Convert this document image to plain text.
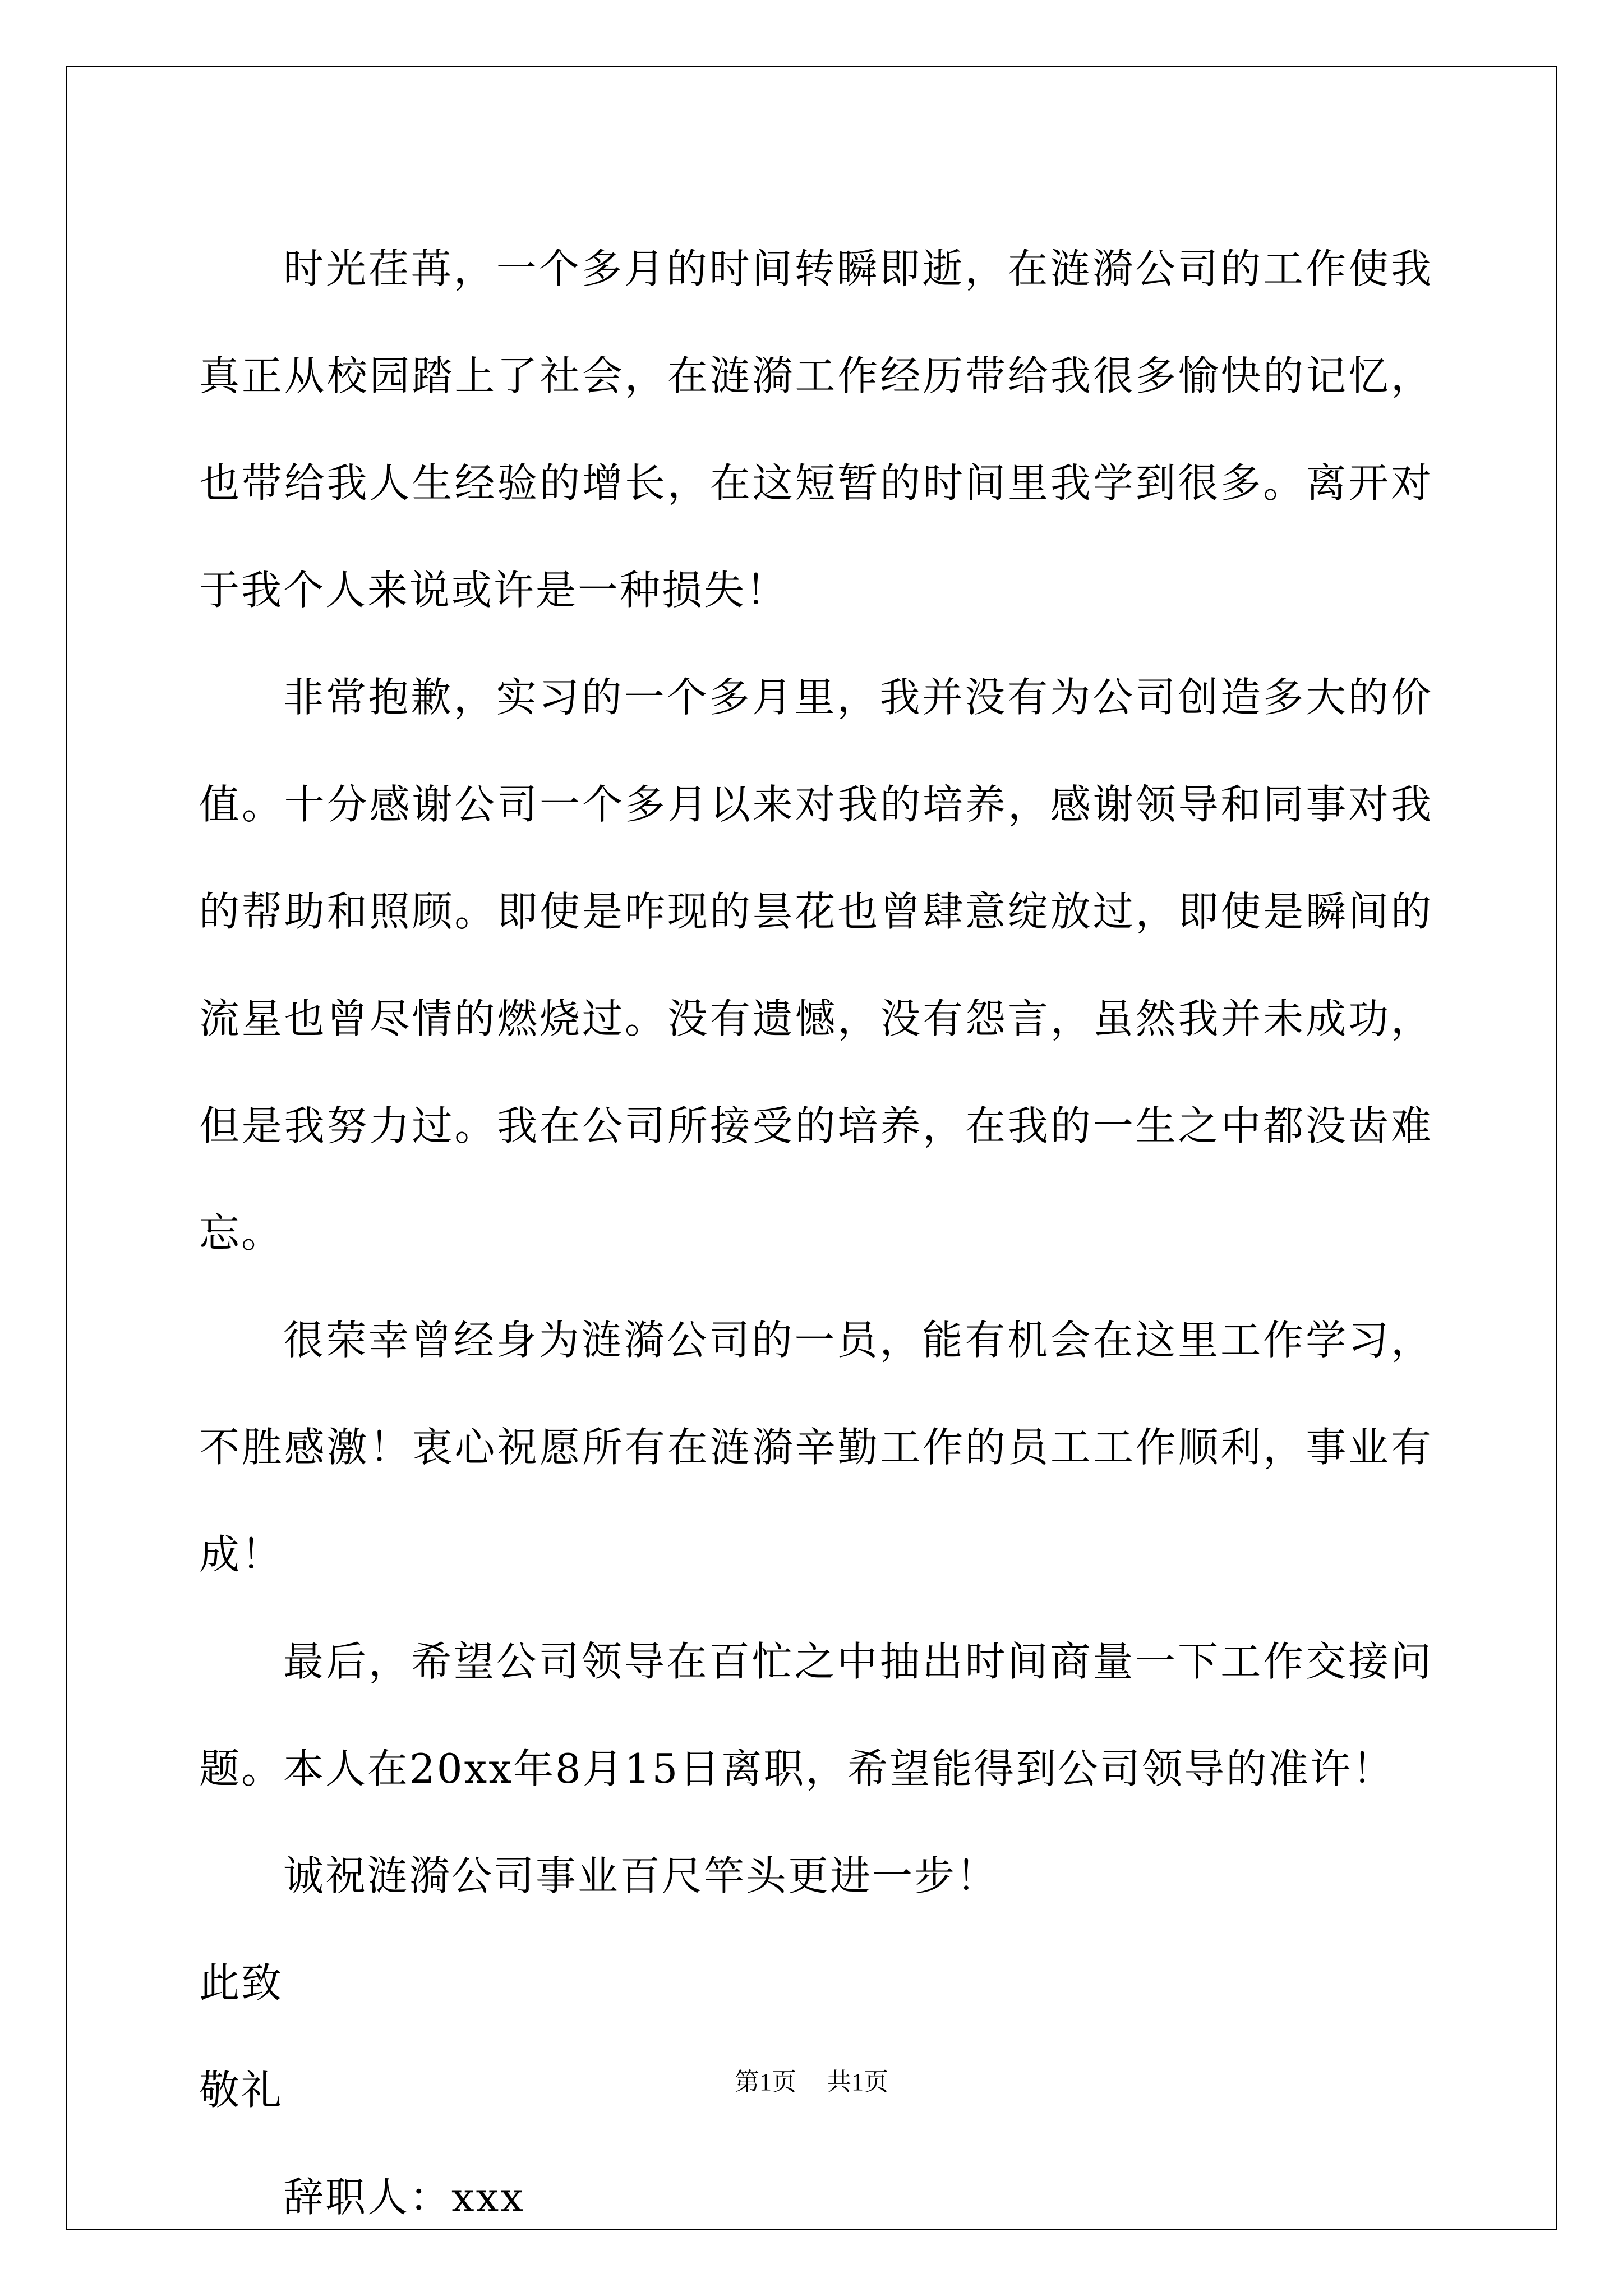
时光荏苒，一个多月的时间转瞬即逝，在涟漪公司的工作使我真正从校园踏上了社会，在涟漪工作经历带给我很多愉快的记忆，也带给我人生经验的增长，在这短暂的时间里我学到很多。离开对于我个人来说或许是一种损失！

非常抱歉，实习的一个多月里，我并没有为公司创造多大的价值。十分感谢公司一个多月以来对我的培养，感谢领导和同事对我的帮助和照顾。即使是咋现的昙花也曾肆意绽放过，即使是瞬间的流星也曾尽情的燃烧过。没有遗憾，没有怨言，虽然我并未成功，但是我努力过。我在公司所接受的培养，在我的一生之中都没齿难忘。

很荣幸曾经身为涟漪公司的一员，能有机会在这里工作学习，不胜感激！衷心祝愿所有在涟漪辛勤工作的员工工作顺利，事业有成！

最后，希望公司领导在百忙之中抽出时间商量一下工作交接问题。本人在20xx年8月15日离职，希望能得到公司领导的准许！

诚祝涟漪公司事业百尺竿头更进一步！

此致

敬礼

辞职人：xxx

第1页 共1页
